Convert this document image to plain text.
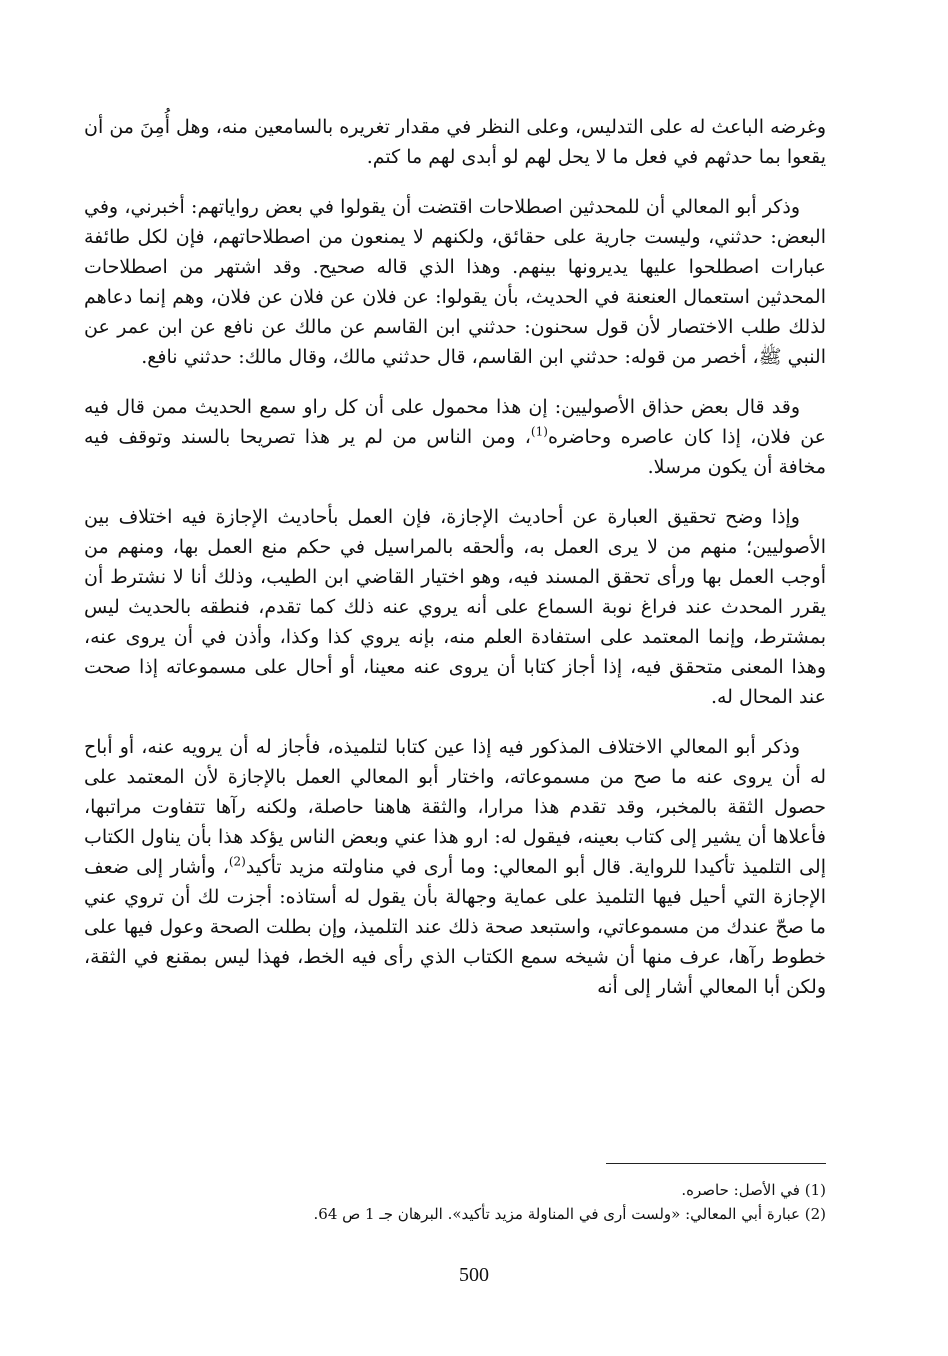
وغرضه الباعث له على التدليس، وعلى النظر في مقدار تغريره بالسامعين منه، وهل أُمِنَ من أن يقعوا بما حدثهم في فعل ما لا يحل لهم لو أبدى لهم ما كتم.

وذكر أبو المعالي أن للمحدثين اصطلاحات اقتضت أن يقولوا في بعض رواياتهم: أخبرني، وفي البعض: حدثني، وليست جارية على حقائق، ولكنهم لا يمنعون من اصطلاحاتهم، فإن لكل طائفة عبارات اصطلحوا عليها يديرونها بينهم. وهذا الذي قاله صحيح. وقد اشتهر من اصطلاحات المحدثين استعمال العنعنة في الحديث، بأن يقولوا: عن فلان عن فلان عن فلان، وهم إنما دعاهم لذلك طلب الاختصار لأن قول سحنون: حدثني ابن القاسم عن مالك عن نافع عن ابن عمر عن النبي ﷺ، أخصر من قوله: حدثني ابن القاسم، قال حدثني مالك، وقال مالك: حدثني نافع.

وقد قال بعض حذاق الأصوليين: إن هذا محمول على أن كل راو سمع الحديث ممن قال فيه عن فلان، إذا كان عاصره وحاضره$^{(1)}$، ومن الناس من لم ير هذا تصريحا بالسند وتوقف فيه مخافة أن يكون مرسلا.

وإذا وضح تحقيق العبارة عن أحاديث الإجازة، فإن العمل بأحاديث الإجازة فيه اختلاف بين الأصوليين؛ منهم من لا يرى العمل به، وألحقه بالمراسيل في حكم منع العمل بها، ومنهم من أوجب العمل بها ورأى تحقق المسند فيه، وهو اختيار القاضي ابن الطيب، وذلك أنا لا نشترط أن يقرر المحدث عند فراغ نوبة السماع على أنه يروي عنه ذلك كما تقدم، فنطقه بالحديث ليس بمشترط، وإنما المعتمد على استفادة العلم منه، بإنه يروي كذا وكذا، وأذن في أن يروى عنه، وهذا المعنى متحقق فيه، إذا أجاز كتابا أن يروى عنه معينا، أو أحال على مسموعاته إذا صحت عند المحال له.

وذكر أبو المعالي الاختلاف المذكور فيه إذا عين كتابا لتلميذه، فأجاز له أن يرويه عنه، أو أباح له أن يروى عنه ما صح من مسموعاته، واختار أبو المعالي العمل بالإجازة لأن المعتمد على حصول الثقة بالمخبر، وقد تقدم هذا مرارا، والثقة هاهنا حاصلة، ولكنه رآها تتفاوت مراتبها، فأعلاها أن يشير إلى كتاب بعينه، فيقول له: ارو هذا عني وبعض الناس يؤكد هذا بأن يناول الكتاب إلى التلميذ تأكيدا للرواية. قال أبو المعالي: وما أرى في مناولته مزيد تأكيد$^{(2)}$، وأشار إلى ضعف الإجازة التي أحيل فيها التلميذ على عماية وجهالة بأن يقول له أستاذه: أجزت لك أن تروي عني ما صحّ عندك من مسموعاتي، واستبعد صحة ذلك عند التلميذ، وإن بطلت الصحة وعول فيها على خطوط رآها، عرف منها أن شيخه سمع الكتاب الذي رأى فيه الخط، فهذا ليس بمقنع في الثقة، ولكن أبا المعالي أشار إلى أنه

(1) في الأصل: حاصره.

(2) عبارة أبي المعالي: «ولست أرى في المناولة مزيد تأكيد». البرهان جـ 1 ص 64.

500
